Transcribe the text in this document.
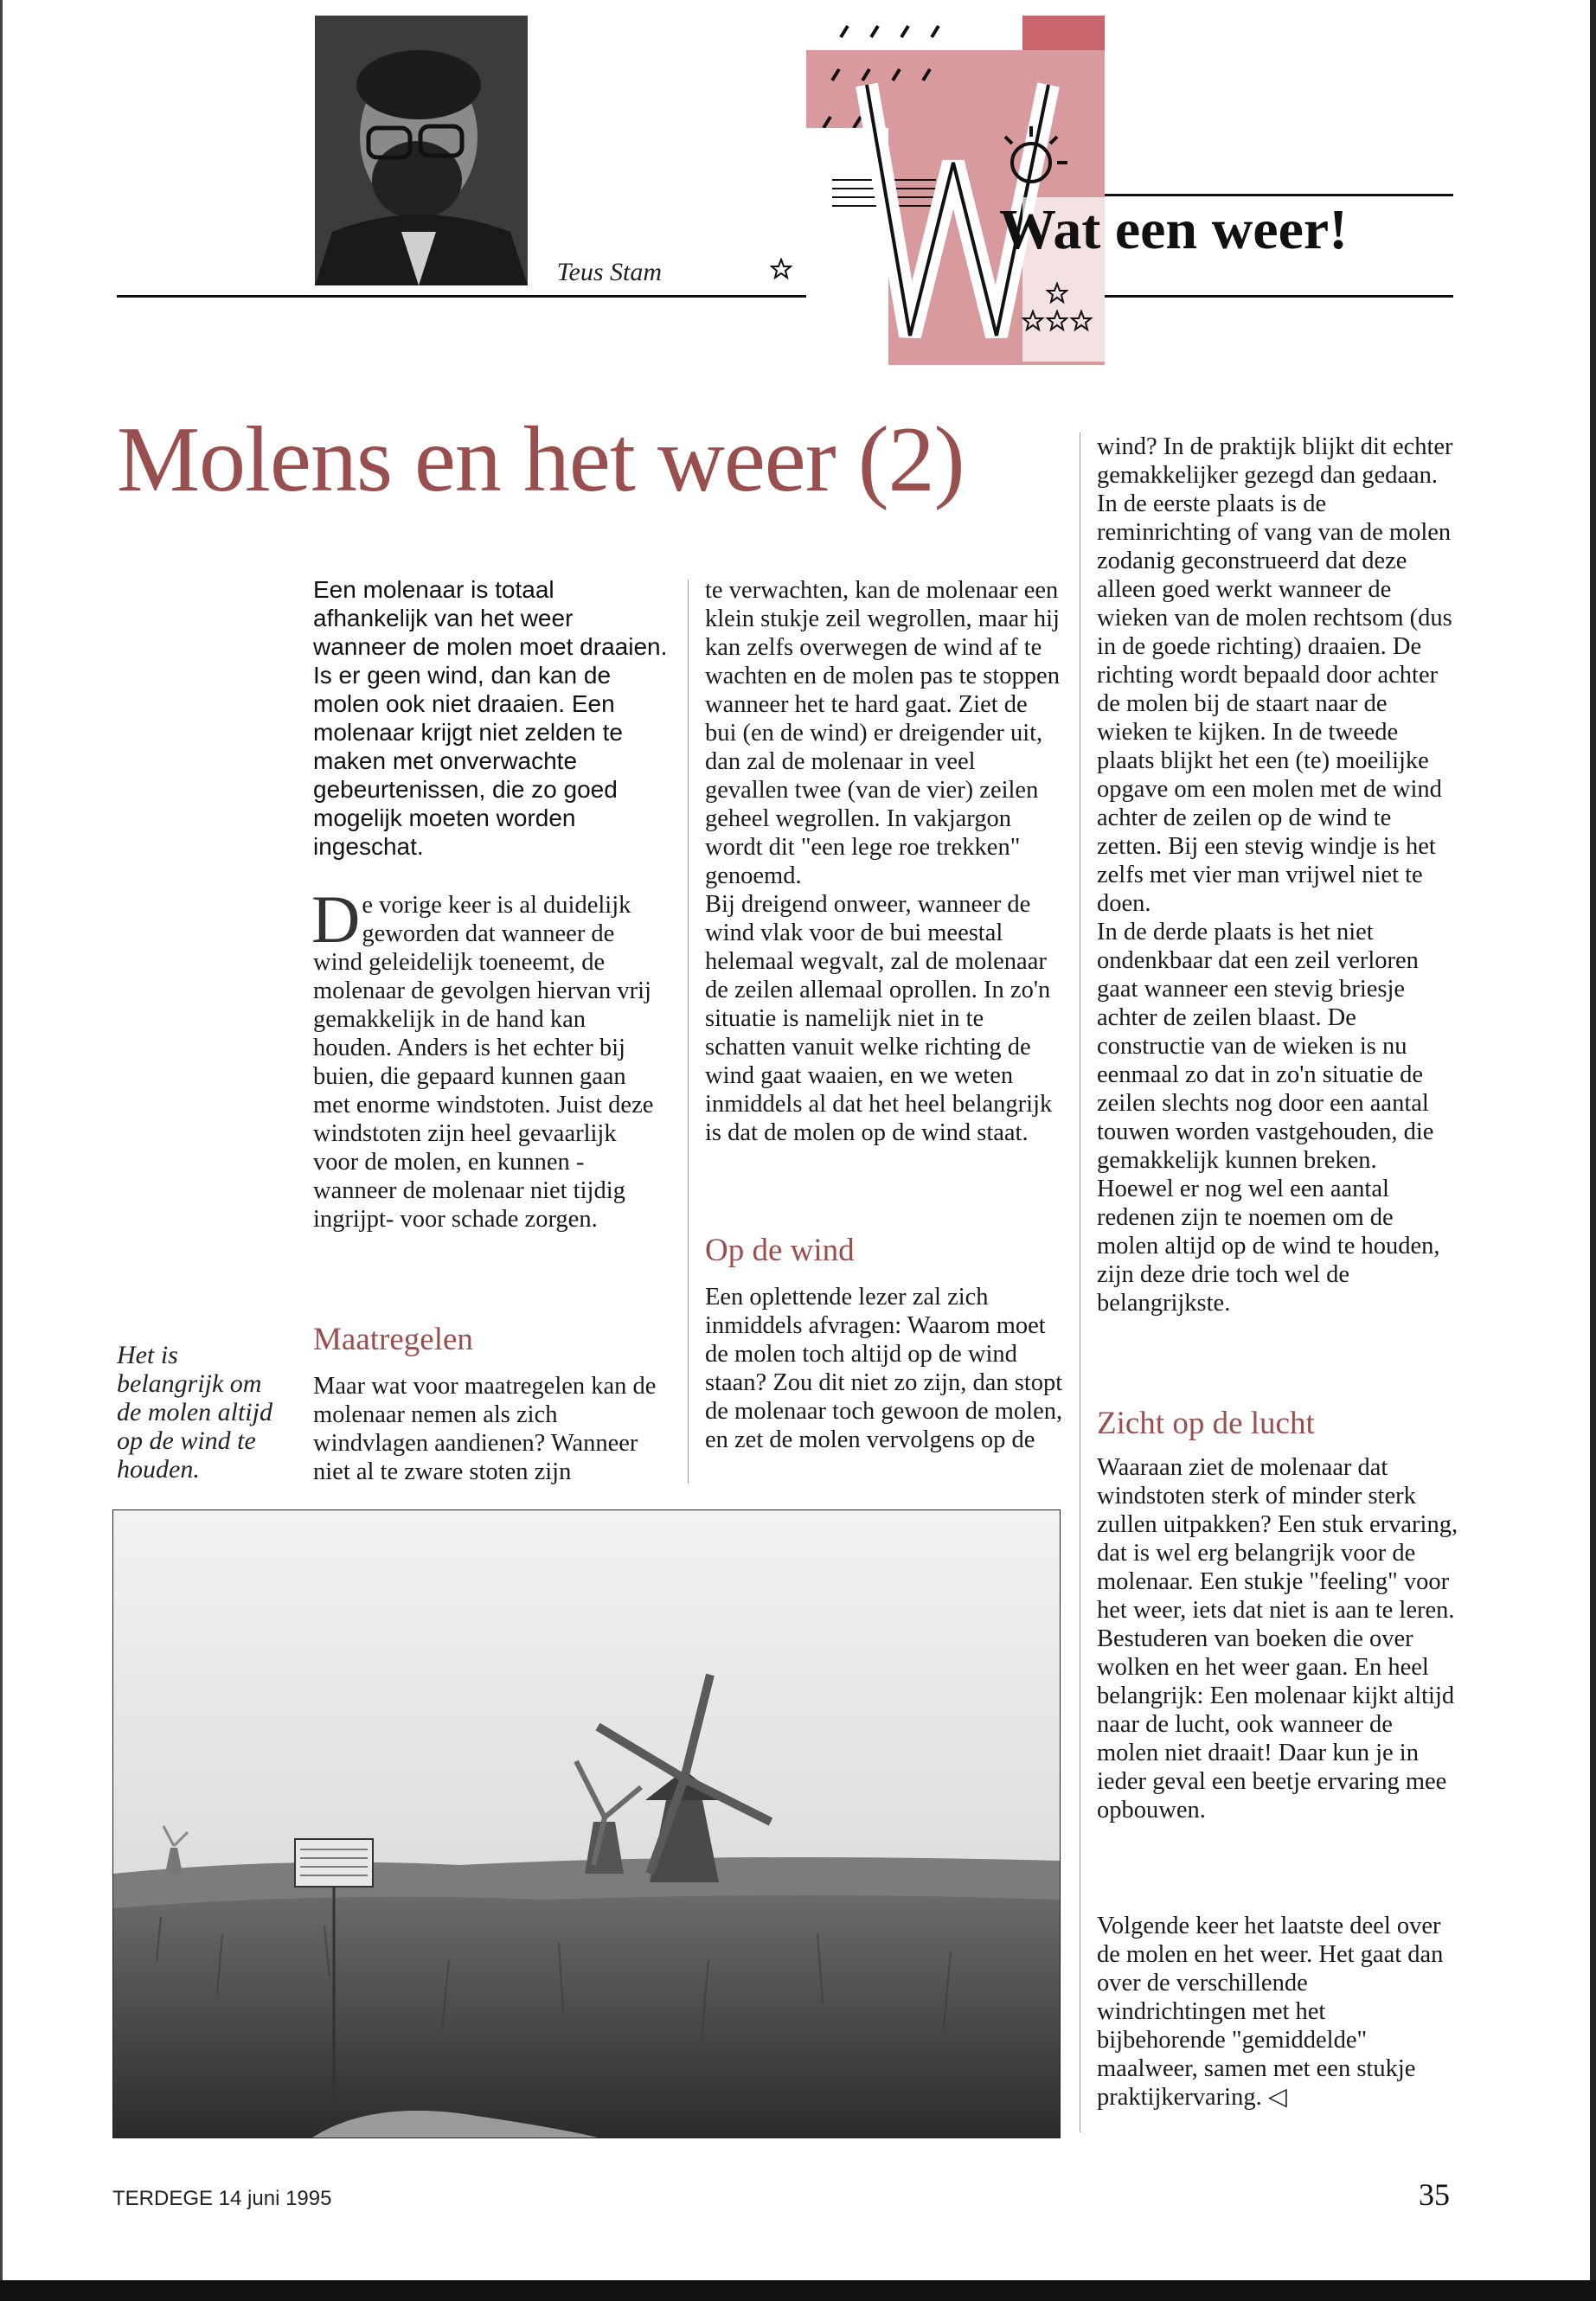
Teus Stam
Wat een weer!
Molens en het weer (2)
Een molenaar is totaal afhankelijk van het weer wanneer de molen moet draaien. Is er geen wind, dan kan de molen ook niet draaien. Een molenaar krijgt niet zelden te maken met onverwachte gebeurtenissen, die zo goed mogelijk moeten worden ingeschat.

De vorige keer is al duidelijk geworden dat wanneer de wind geleidelijk toeneemt, de molenaar de gevolgen hiervan vrij gemakkelijk in de hand kan houden. Anders is het echter bij buien, die gepaard kunnen gaan met enorme windstoten. Juist deze windstoten zijn heel gevaarlijk voor de molen, en kunnen -wanneer de molenaar niet tijdig ingrijpt- voor schade zorgen.

Maatregelen
Maar wat voor maatregelen kan de molenaar nemen als zich windvlagen aandienen? Wanneer niet al te zware stoten zijn
Het is belangrijk om de molen altijd op de wind te houden.

te verwachten, kan de molenaar een klein stukje zeil wegrollen, maar hij kan zelfs overwegen de wind af te wachten en de molen pas te stoppen wanneer het te hard gaat. Ziet de bui (en de wind) er dreigender uit, dan zal de molenaar in veel gevallen twee (van de vier) zeilen geheel wegrollen. In vakjargon wordt dit "een lege roe trekken" genoemd.

Bij dreigend onweer, wanneer de wind vlak voor de bui meestal helemaal wegvalt, zal de molenaar de zeilen allemaal oprollen. In zo'n situatie is namelijk niet in te schatten vanuit welke richting de wind gaat waaien, en we weten inmiddels al dat het heel belangrijk is dat de molen op de wind staat.

Op de wind
Een oplettende lezer zal zich inmiddels afvragen: Waarom moet de molen toch altijd op de wind staan? Zou dit niet zo zijn, dan stopt de molenaar toch gewoon de molen, en zet de molen vervolgens op de

wind? In de praktijk blijkt dit echter gemakkelijker gezegd dan gedaan. In de eerste plaats is de reminrichting of vang van de molen zodanig geconstrueerd dat deze alleen goed werkt wanneer de wieken van de molen rechtsom (dus in de goede richting) draaien. De richting wordt bepaald door achter de molen bij de staart naar de wieken te kijken. In de tweede plaats blijkt het een (te) moeilijke opgave om een molen met de wind achter de zeilen op de wind te zetten. Bij een stevig windje is het zelfs met vier man vrijwel niet te doen.

In de derde plaats is het niet ondenkbaar dat een zeil verloren gaat wanneer een stevig briesje achter de zeilen blaast. De constructie van de wieken is nu eenmaal zo dat in zo'n situatie de zeilen slechts nog door een aantal touwen worden vastgehouden, die gemakkelijk kunnen breken.

Hoewel er nog wel een aantal redenen zijn te noemen om de molen altijd op de wind te houden, zijn deze drie toch wel de belangrijkste.

Zicht op de lucht
Waaraan ziet de molenaar dat windstoten sterk of minder sterk zullen uitpakken? Een stuk ervaring, dat is wel erg belangrijk voor de molenaar. Een stukje "feeling" voor het weer, iets dat niet is aan te leren. Bestuderen van boeken die over wolken en het weer gaan. En heel belangrijk: Een molenaar kijkt altijd naar de lucht, ook wanneer de molen niet draait! Daar kun je in ieder geval een beetje ervaring mee opbouwen.
Volgende keer het laatste deel over de molen en het weer. Het gaat dan over de verschillende windrichtingen met het bijbehorende "gemiddelde" maalweer, samen met een stukje praktijkervaring. ◁
TERDEGE 14 juni 1995	35
